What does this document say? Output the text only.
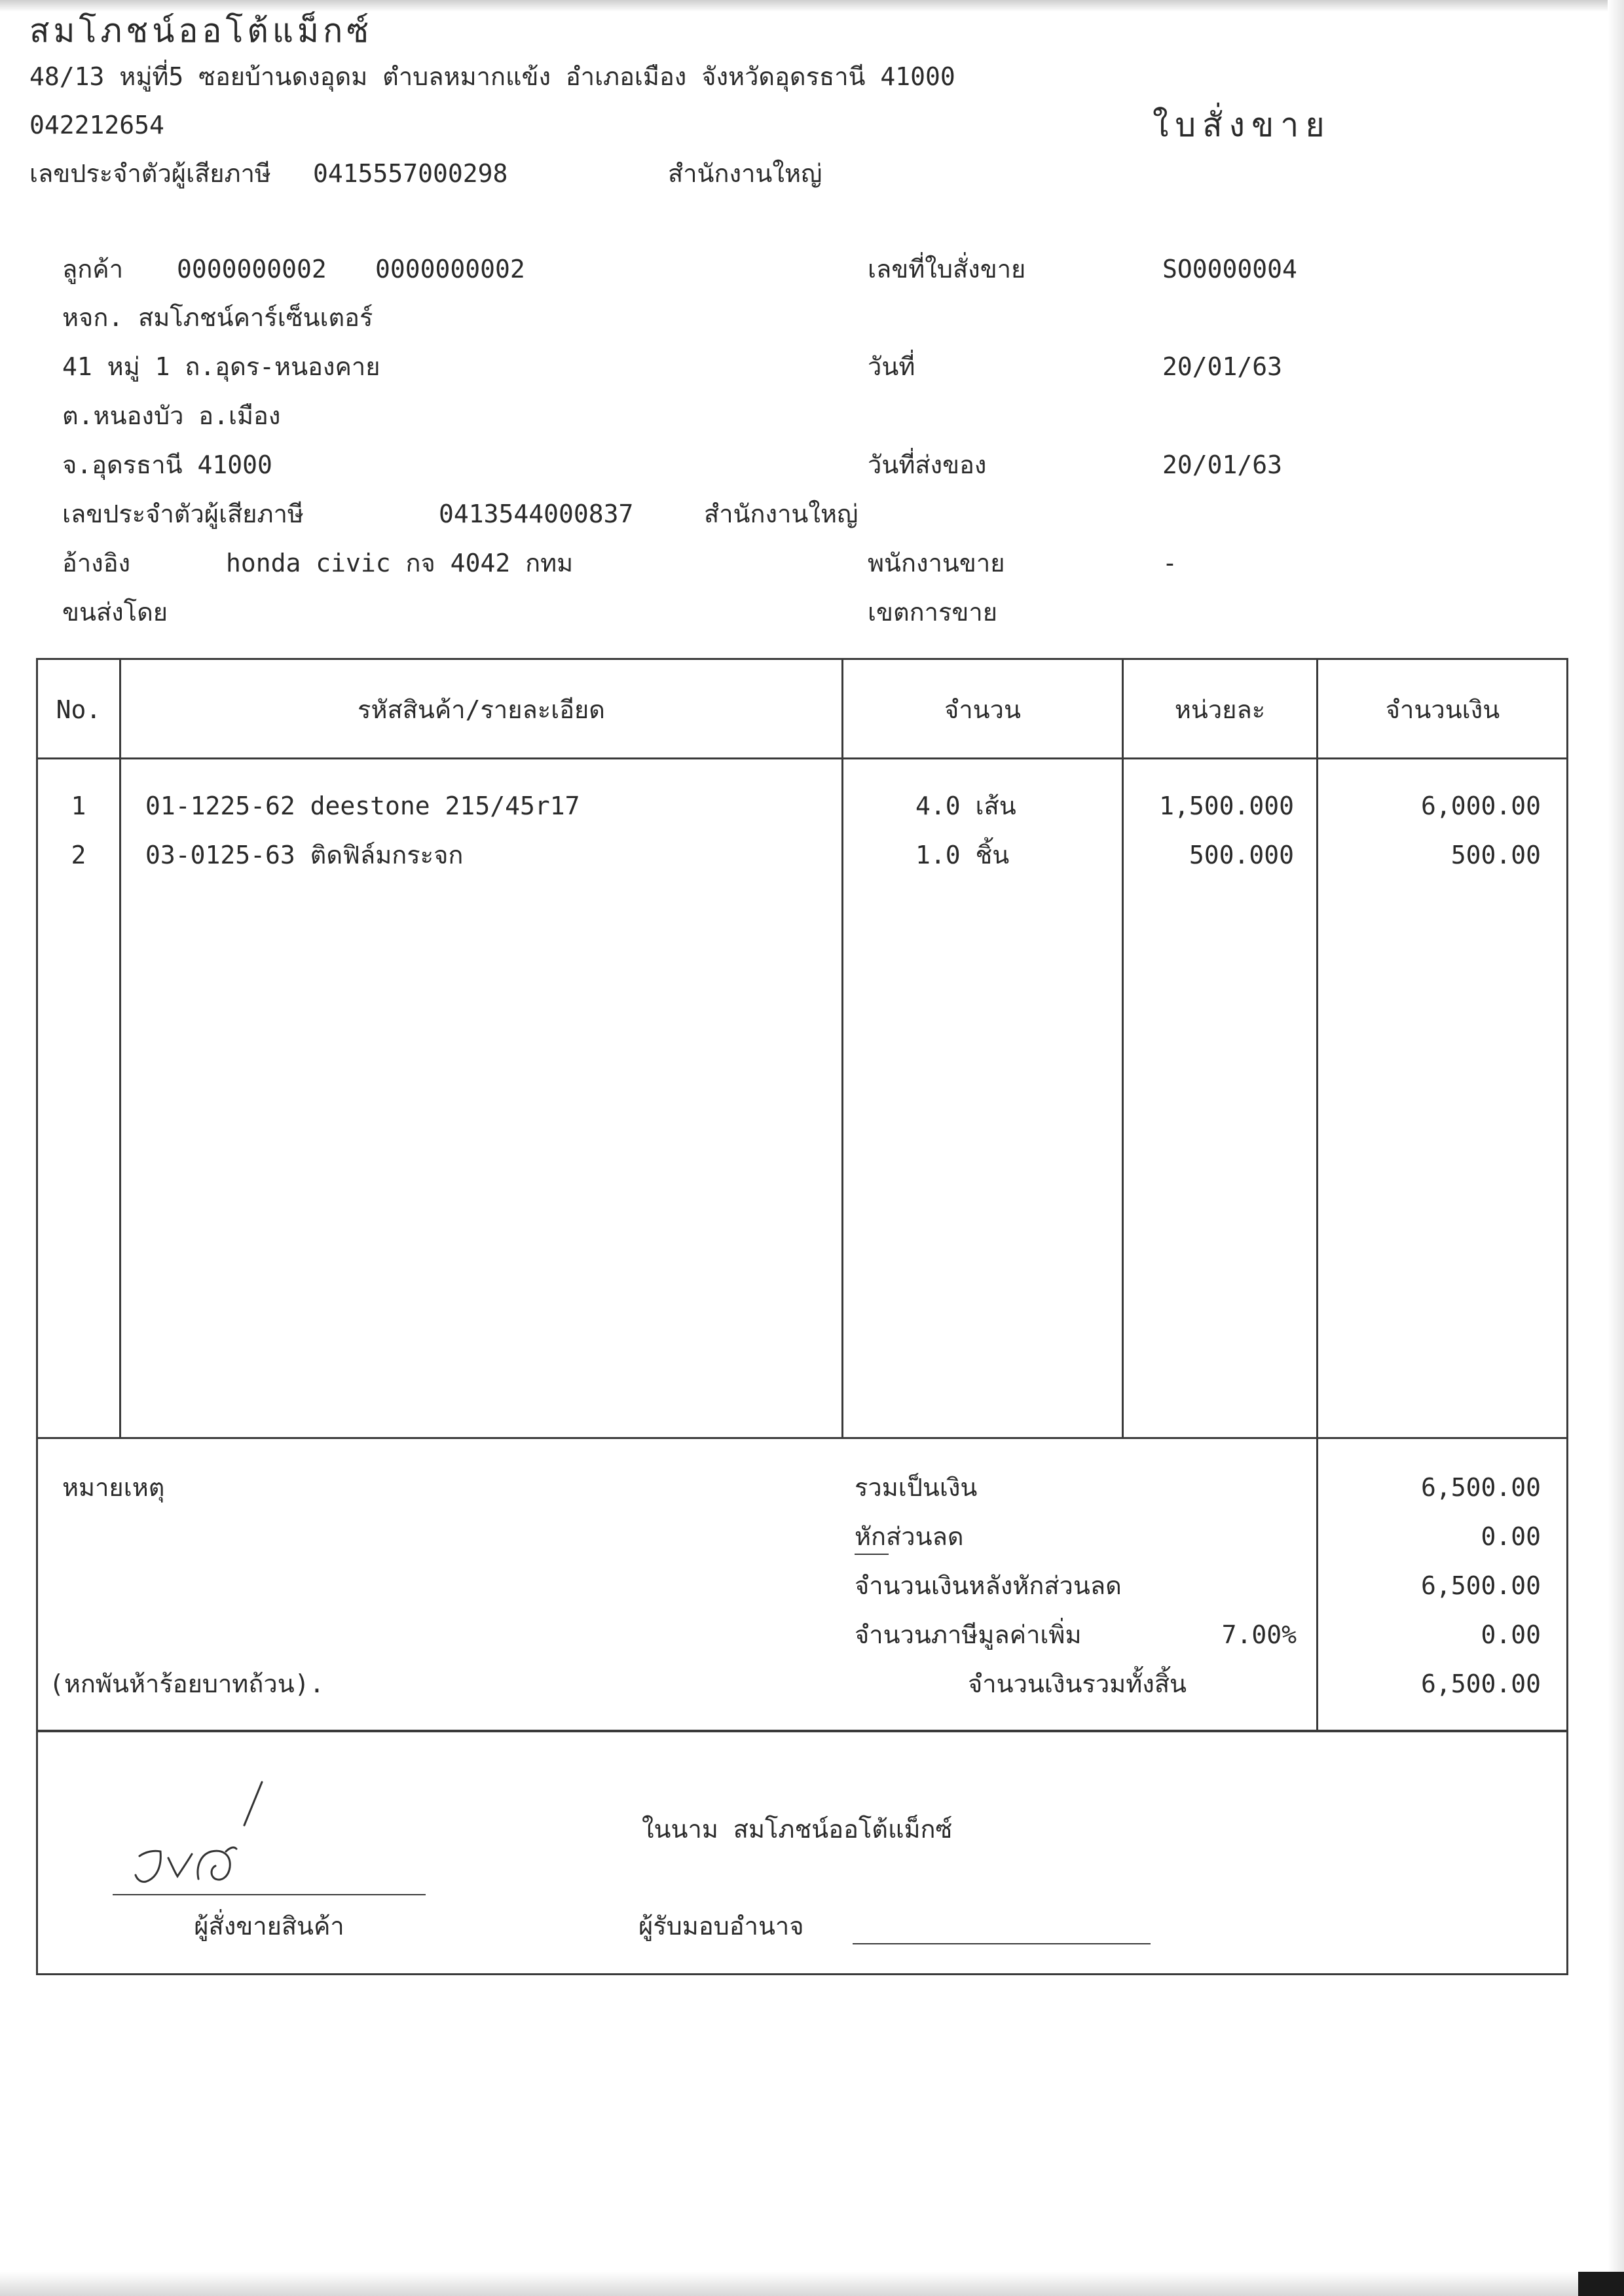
สมโภชน์ออโต้แม็กซ์
48/13 หมู่ที่5 ซอยบ้านดงอุดม ตำบลหมากแข้ง อำเภอเมือง จังหวัดอุดรธานี 41000
042212654	ใบสั่งขาย
เลขประจำตัวผู้เสียภาษี 0415557000298	สำนักงานใหญ่
ลูกค้า 0000000002 0000000002
หจก. สมโภชน์คาร์เซ็นเตอร์
41 หมู่ 1 ถ.อุดร-หนองคาย
ต.หนองบัว อ.เมือง
จ.อุดรธานี 41000
เลขประจำตัวผู้เสียภาษี	0413544000837	สำนักงานใหญ่
อ้างอิง	honda civic กจ 4042 กทม
ขนส่งโดย
เลขที่ใบสั่งขาย	SO0000004
วันที่	20/01/63
วันที่ส่งของ	20/01/63
พนักงานขาย	-
เขตการขาย
No.	รหัสสินค้า/รายละเอียด	จำนวน	หน่วยละ	จำนวนเงิน
1	01-1225-62 deestone 215/45r17	4.0 เส้น	1,500.000	6,000.00
2	03-0125-63 ติดฟิล์มกระจก	1.0 ชิ้น	500.000	500.00
หมายเหตุ
(หกพันห้าร้อยบาทถ้วน).
รวมเป็นเงิน	6,500.00
หักส่วนลด	0.00
จำนวนเงินหลังหักส่วนลด	6,500.00
จำนวนภาษีมูลค่าเพิ่ม	7.00%	0.00
จำนวนเงินรวมทั้งสิ้น	6,500.00
ผู้สั่งขายสินค้า
ในนาม สมโภชน์ออโต้แม็กซ์
ผู้รับมอบอำนาจ
